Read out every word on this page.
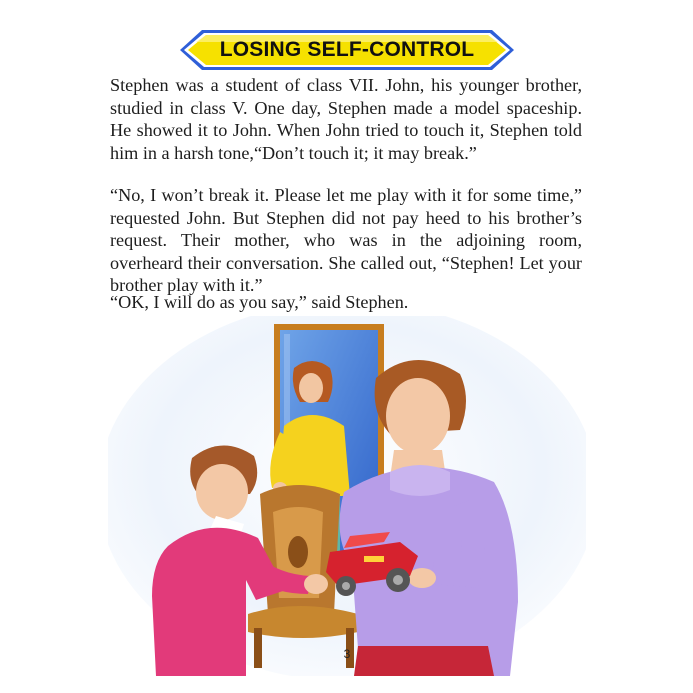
LOSING SELF-CONTROL

Stephen was a student of class VII. John, his younger brother, studied in class V. One day, Stephen made a model spaceship. He showed it to John. When John tried to touch it, Stephen told him in a harsh tone,“Don’t touch it; it may break.”

“No, I won’t break it. Please let me play with it for some time,” requested John. But Stephen did not pay heed to his brother’s request. Their mother, who was in the adjoining room, overheard their conversation. She called out, “Stephen! Let your brother play with it.”

“OK, I will do as you say,” said Stephen.

3
